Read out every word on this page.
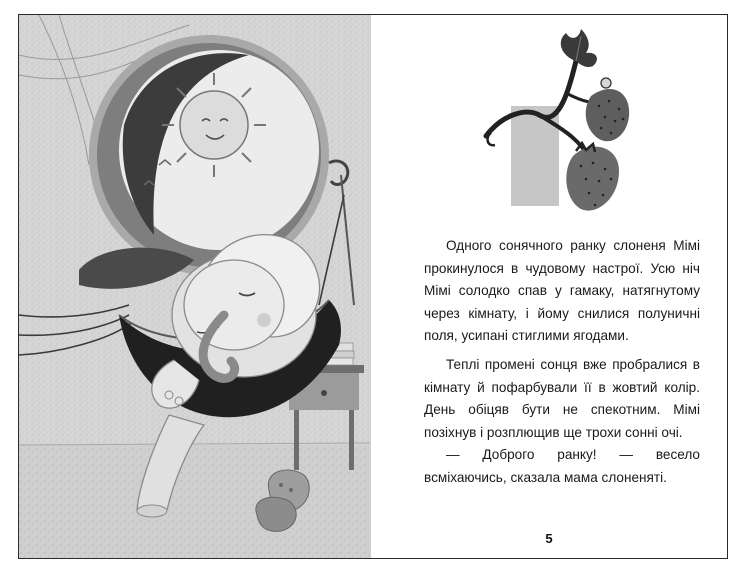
Одного сонячного ранку слоненя Мімі прокинулося в чудовому настрої. Усю ніч Мімі солодко спав у гамаку, натягнутому через кімнату, і йому снилися полуничні поля, усипані стиглими ягодами.

Теплі промені сонця вже пробралися в кімнату й пофарбували її в жовтий колір. День обіцяв бути не спекотним. Мімі позіхнув і розплющив ще трохи сонні очі.

— Доброго ранку! — весело всміхаючись, сказала мама слоненяті.

5
